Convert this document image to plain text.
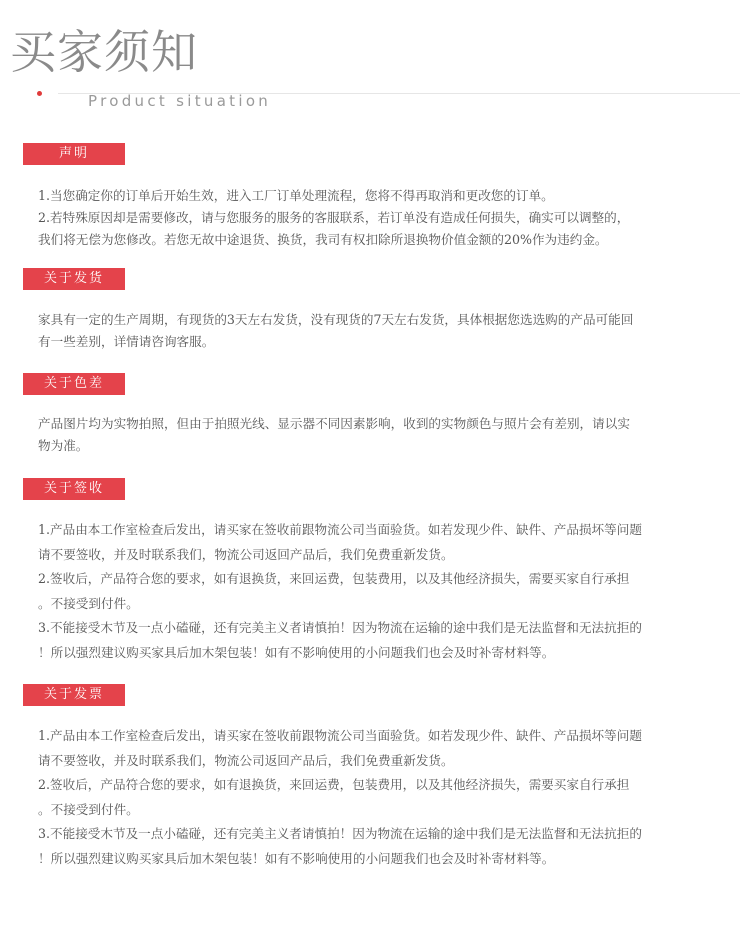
买家须知
Product situation
声明

1.当您确定你的订单后开始生效，进入工厂订单处理流程，您将不得再取消和更改您的订单。

2.若特殊原因却是需要修改，请与您服务的服务的客服联系，若订单没有造成任何损失，确实可以调整的，

我们将无偿为您修改。若您无故中途退货、换货，我司有权扣除所退换物价值金额的20%作为违约金。

关于发货

家具有一定的生产周期，有现货的3天左右发货，没有现货的7天左右发货，具体根据您选选购的产品可能回

有一些差别，详情请咨询客服。

关于色差

产品图片均为实物拍照，但由于拍照光线、显示器不同因素影响，收到的实物颜色与照片会有差别，请以实

物为准。

关于签收

1.产品由本工作室检查后发出，请买家在签收前跟物流公司当面验货。如若发现少件、缺件、产品损坏等问题

请不要签收，并及时联系我们，物流公司返回产品后，我们免费重新发货。

2.签收后，产品符合您的要求，如有退换货，来回运费，包装费用，以及其他经济损失，需要买家自行承担

。不接受到付件。

3.不能接受木节及一点小磕碰，还有完美主义者请慎拍！因为物流在运输的途中我们是无法监督和无法抗拒的

！所以强烈建议购买家具后加木架包装！如有不影响使用的小问题我们也会及时补寄材料等。

关于发票

1.产品由本工作室检查后发出，请买家在签收前跟物流公司当面验货。如若发现少件、缺件、产品损坏等问题

请不要签收，并及时联系我们，物流公司返回产品后，我们免费重新发货。

2.签收后，产品符合您的要求，如有退换货，来回运费，包装费用，以及其他经济损失，需要买家自行承担

。不接受到付件。

3.不能接受木节及一点小磕碰，还有完美主义者请慎拍！因为物流在运输的途中我们是无法监督和无法抗拒的

！所以强烈建议购买家具后加木架包装！如有不影响使用的小问题我们也会及时补寄材料等。
